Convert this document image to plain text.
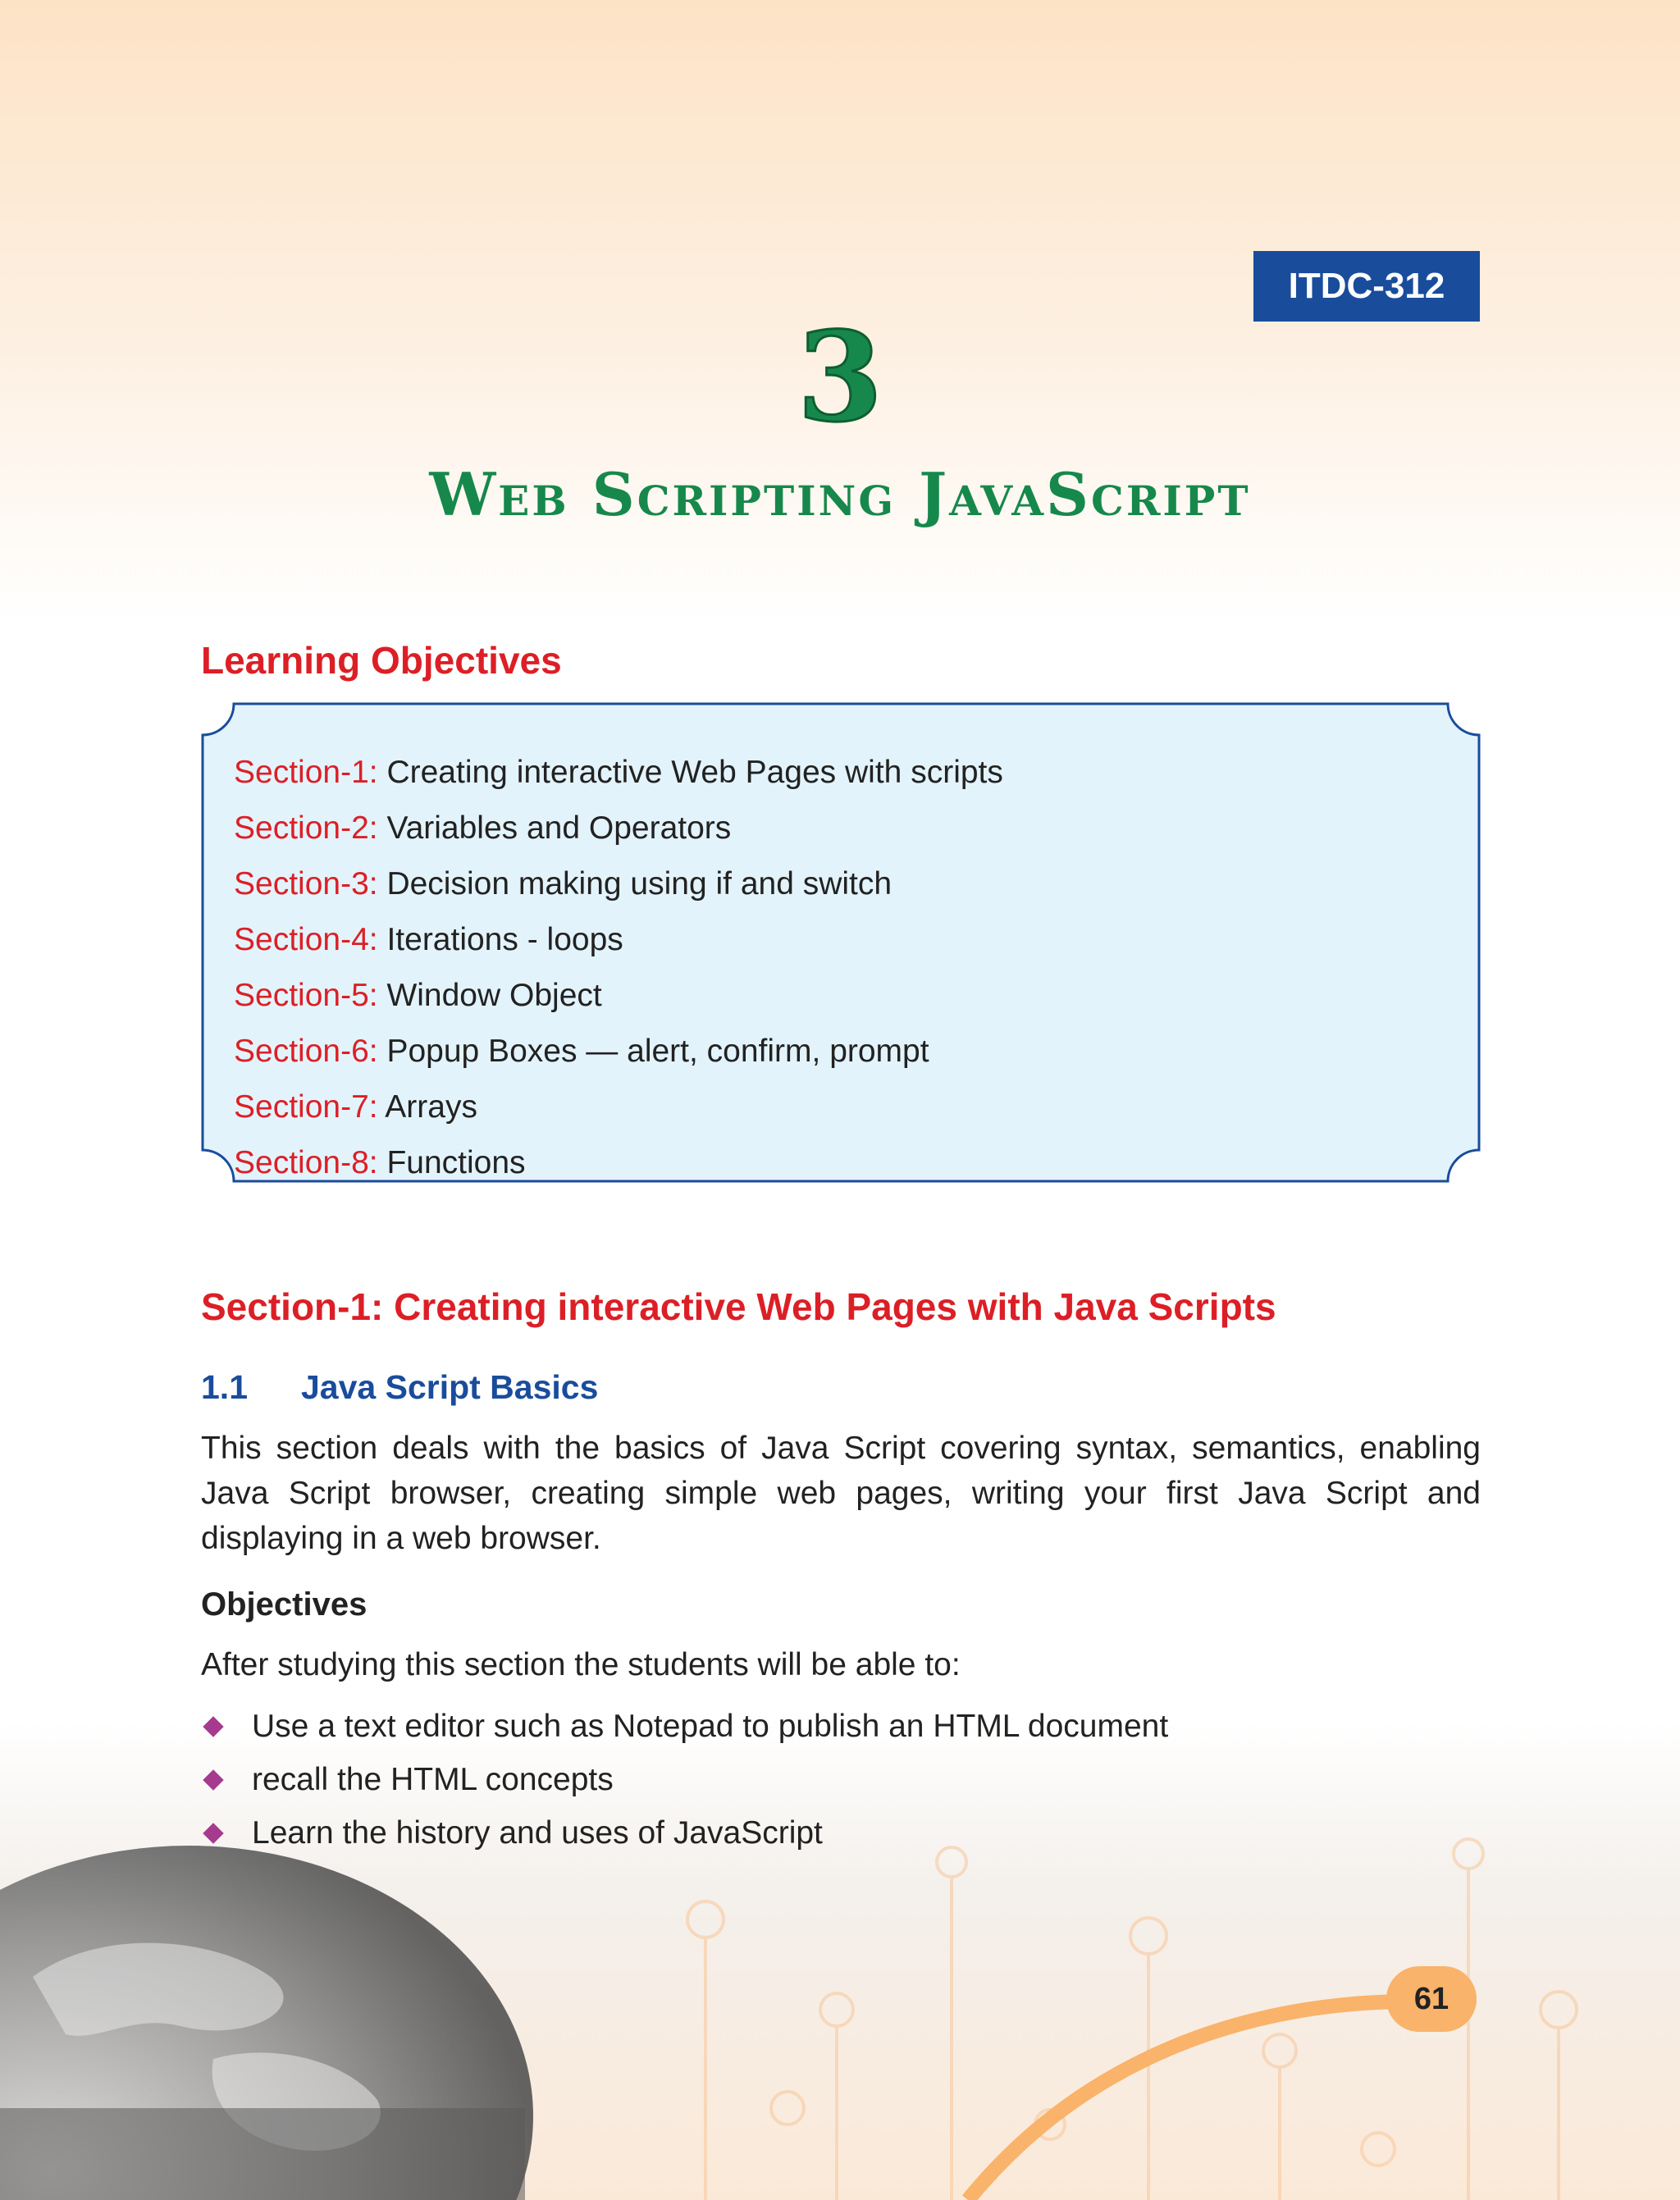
ITDC-312
3
Web Scripting JavaScript
Learning Objectives
Section-1: Creating interactive Web Pages with scripts
Section-2: Variables and Operators
Section-3: Decision making using if and switch
Section-4: Iterations - loops
Section-5: Window Object
Section-6: Popup Boxes — alert, confirm, prompt
Section-7: Arrays
Section-8: Functions
Section-1: Creating interactive Web Pages with Java Scripts
1.1 Java Script Basics

This section deals with the basics of Java Script covering syntax, semantics, enabling Java Script browser, creating simple web pages, writing your first Java Script and displaying in a web browser.

Objectives
After studying this section the students will be able to:
Use a text editor such as Notepad to publish an HTML document
recall the HTML concepts
Learn the history and uses of JavaScript
61
